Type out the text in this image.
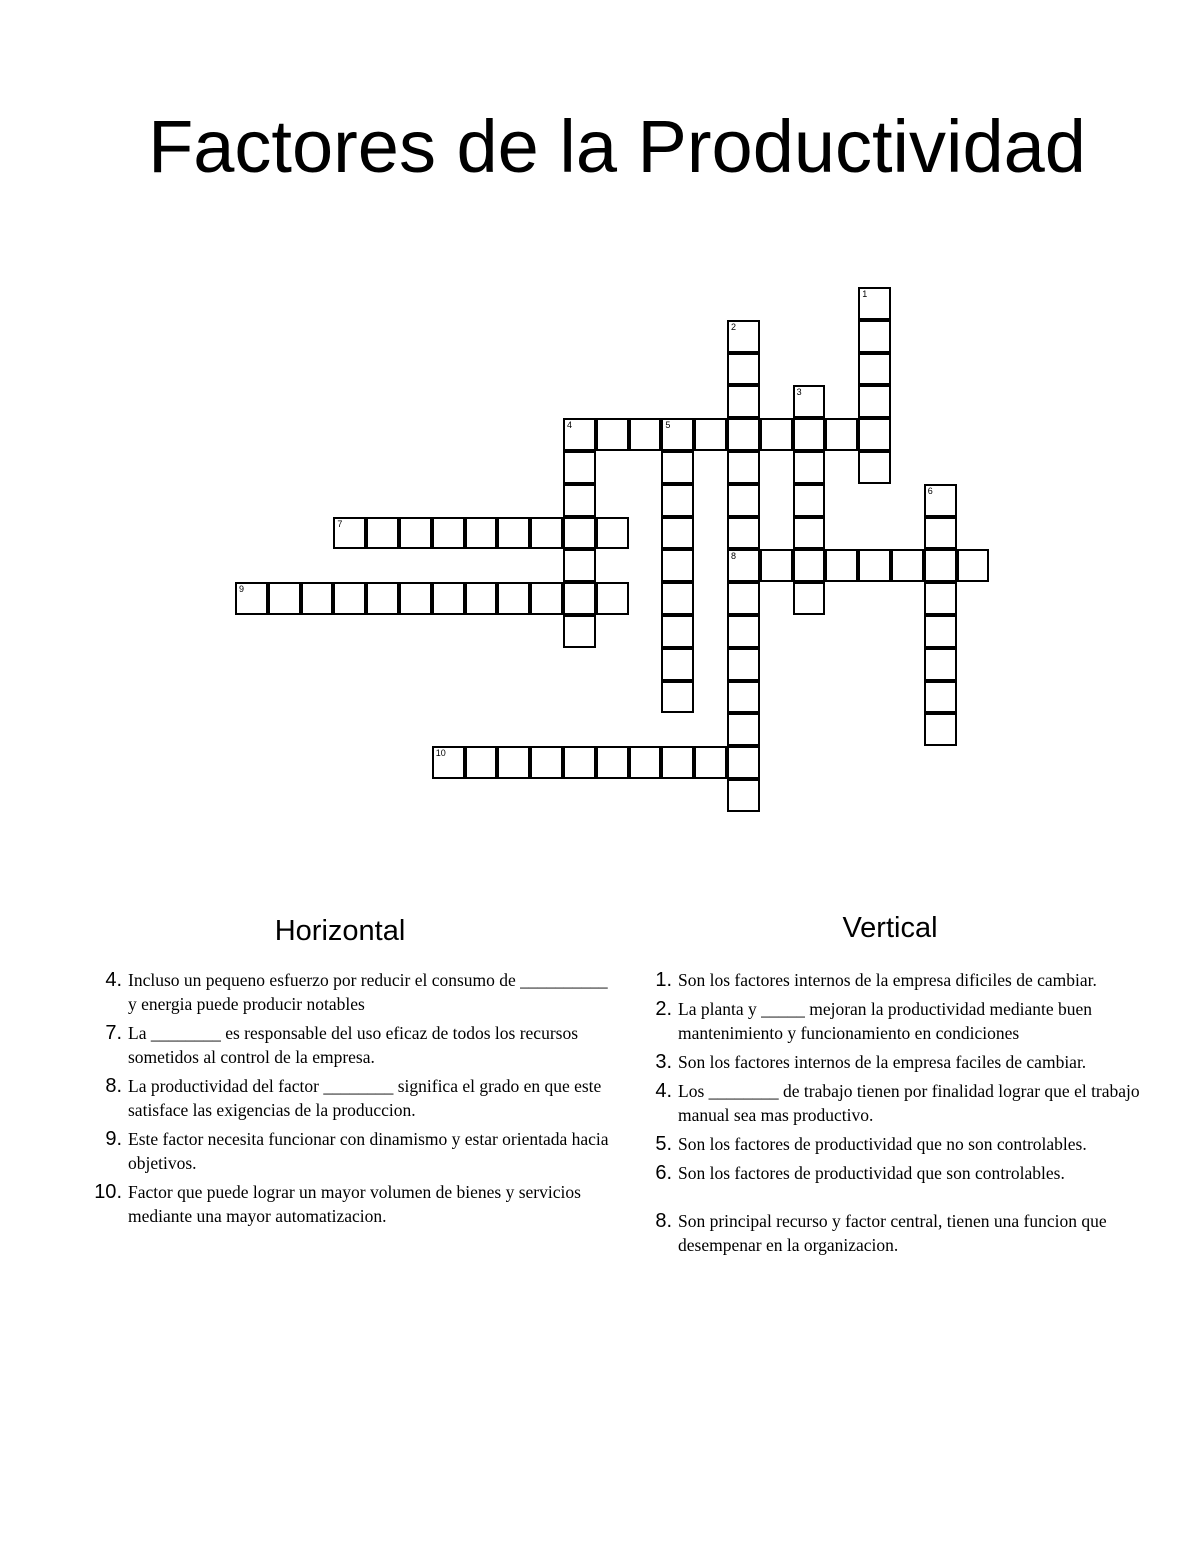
Factores de la Productividad
1
2
3
4	5
6
7
8
9
10
Horizontal	Vertical
4 . Incluso un pequeno esfuerzo por reducir el consumo de __________ y energia puede producir notables
7 . La ________ es responsable del uso eficaz de todos los recursos sometidos al control de la empresa.
8 . La productividad del factor ________ significa el grado en que este satisface las exigencias de la produccion.
9 . Este factor necesita funcionar con dinamismo y estar orientada hacia objetivos.
10 . Factor que puede lograr un mayor volumen de bienes y servicios mediante una mayor automatizacion.
1 . Son los factores internos de la empresa dificiles de cambiar.
2 . La planta y _____ mejoran la productividad mediante buen mantenimiento y funcionamiento en condiciones
3 . Son los factores internos de la empresa faciles de cambiar.
4 . Los ________ de trabajo tienen por finalidad lograr que el trabajo manual sea mas productivo.
5 . Son los factores de productividad que no son controlables.
6 . Son los factores de productividad que son controlables.
8 . Son principal recurso y factor central, tienen una funcion que desempenar en la organizacion.
